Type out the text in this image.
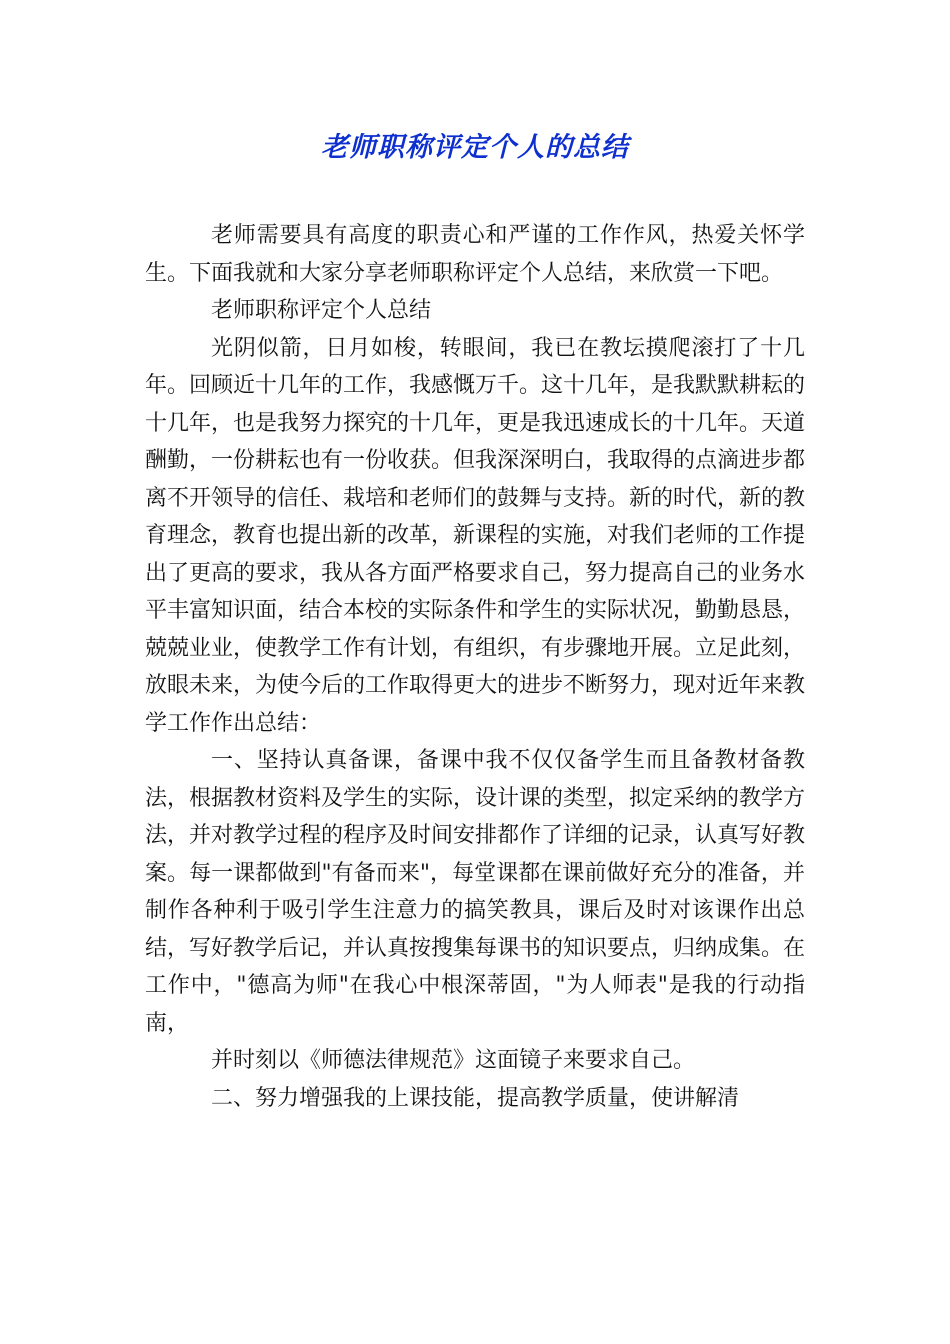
老师职称评定个人的总结

老师需要具有高度的职责心和严谨的工作作风，热爱关怀学生。下面我就和大家分享老师职称评定个人总结，来欣赏一下吧。

老师职称评定个人总结

光阴似箭，日月如梭，转眼间，我已在教坛摸爬滚打了十几年。回顾近十几年的工作，我感慨万千。这十几年，是我默默耕耘的十几年，也是我努力探究的十几年，更是我迅速成长的十几年。天道酬勤，一份耕耘也有一份收获。但我深深明白，我取得的点滴进步都离不开领导的信任、栽培和老师们的鼓舞与支持。新的时代，新的教育理念，教育也提出新的改革，新课程的实施，对我们老师的工作提出了更高的要求，我从各方面严格要求自己，努力提高自己的业务水平丰富知识面，结合本校的实际条件和学生的实际状况，勤勤恳恳，兢兢业业，使教学工作有计划，有组织，有步骤地开展。立足此刻，放眼未来，为使今后的工作取得更大的进步不断努力，现对近年来教学工作作出总结：

一、坚持认真备课，备课中我不仅仅备学生而且备教材备教法，根据教材资料及学生的实际，设计课的类型，拟定采纳的教学方法，并对教学过程的程序及时间安排都作了详细的记录，认真写好教案。每一课都做到"有备而来"，每堂课都在课前做好充分的准备，并制作各种利于吸引学生注意力的搞笑教具，课后及时对该课作出总结，写好教学后记，并认真按搜集每课书的知识要点，归纳成集。在工作中，"德高为师"在我心中根深蒂固，"为人师表"是我的行动指南，

并时刻以《师德法律规范》这面镜子来要求自己。

二、努力增强我的上课技能，提高教学质量，使讲解清
